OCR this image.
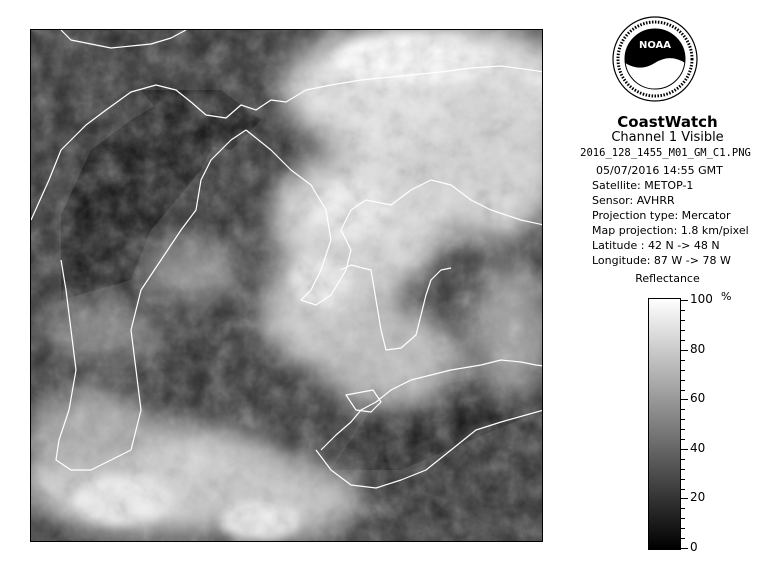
NOAA
CoastWatch
Channel 1 Visible
2016_128_1455_M01_GM_C1.PNG
05/07/2016 14:55 GMT
Satellite: METOP-1
Sensor: AVHRR
Projection type: Mercator
Map projection: 1.8 km/pixel
Latitude : 42 N -> 48 N
Longitude: 87 W -> 78 W
Reflectance
%
100
80
60
40
20
0
